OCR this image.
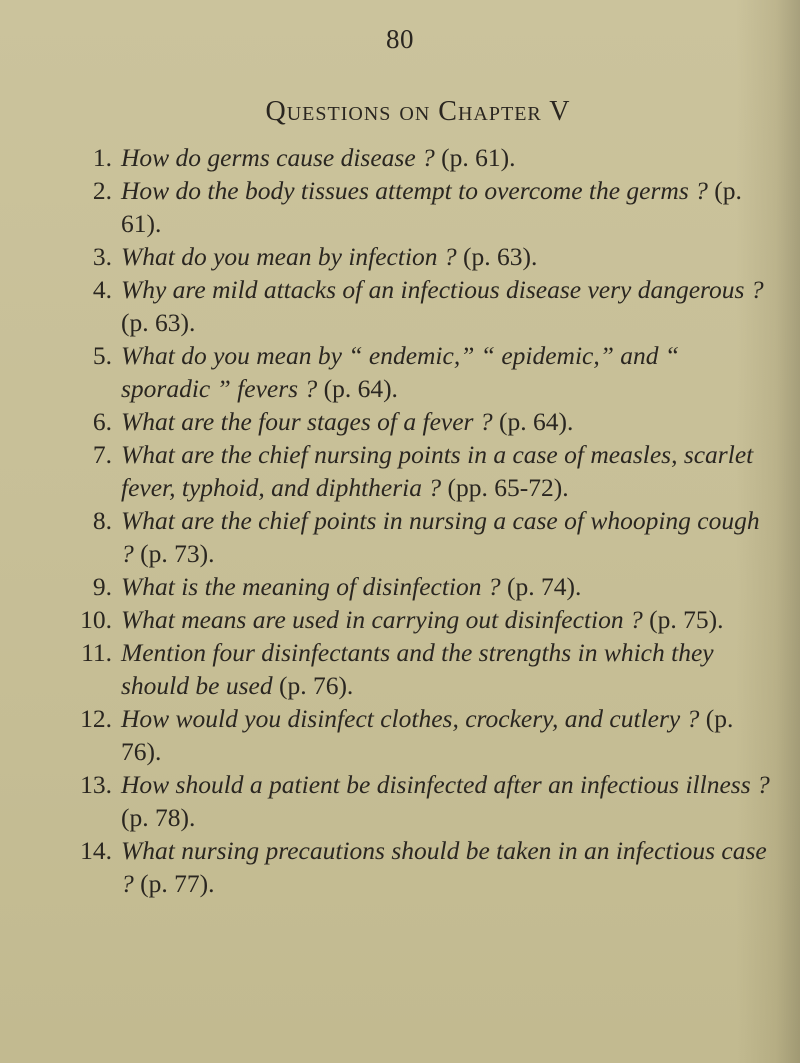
80
Questions on Chapter V
1. How do germs cause disease ? (p. 61).
2. How do the body tissues attempt to overcome the germs ? (p. 61).
3. What do you mean by infection ? (p. 63).
4. Why are mild attacks of an infectious disease very dangerous ? (p. 63).
5. What do you mean by “ endemic,” “ epidemic,” and “ sporadic ” fevers ? (p. 64).
6. What are the four stages of a fever ? (p. 64).
7. What are the chief nursing points in a case of measles, scarlet fever, typhoid, and diphtheria ? (pp. 65-72).
8. What are the chief points in nursing a case of whooping cough ? (p. 73).
9. What is the meaning of disinfection ? (p. 74).
10. What means are used in carrying out disinfection ? (p. 75).
11. Mention four disinfectants and the strengths in which they should be used (p. 76).
12. How would you disinfect clothes, crockery, and cutlery ? (p. 76).
13. How should a patient be disinfected after an infectious illness ? (p. 78).
14. What nursing precautions should be taken in an infectious case ? (p. 77).
